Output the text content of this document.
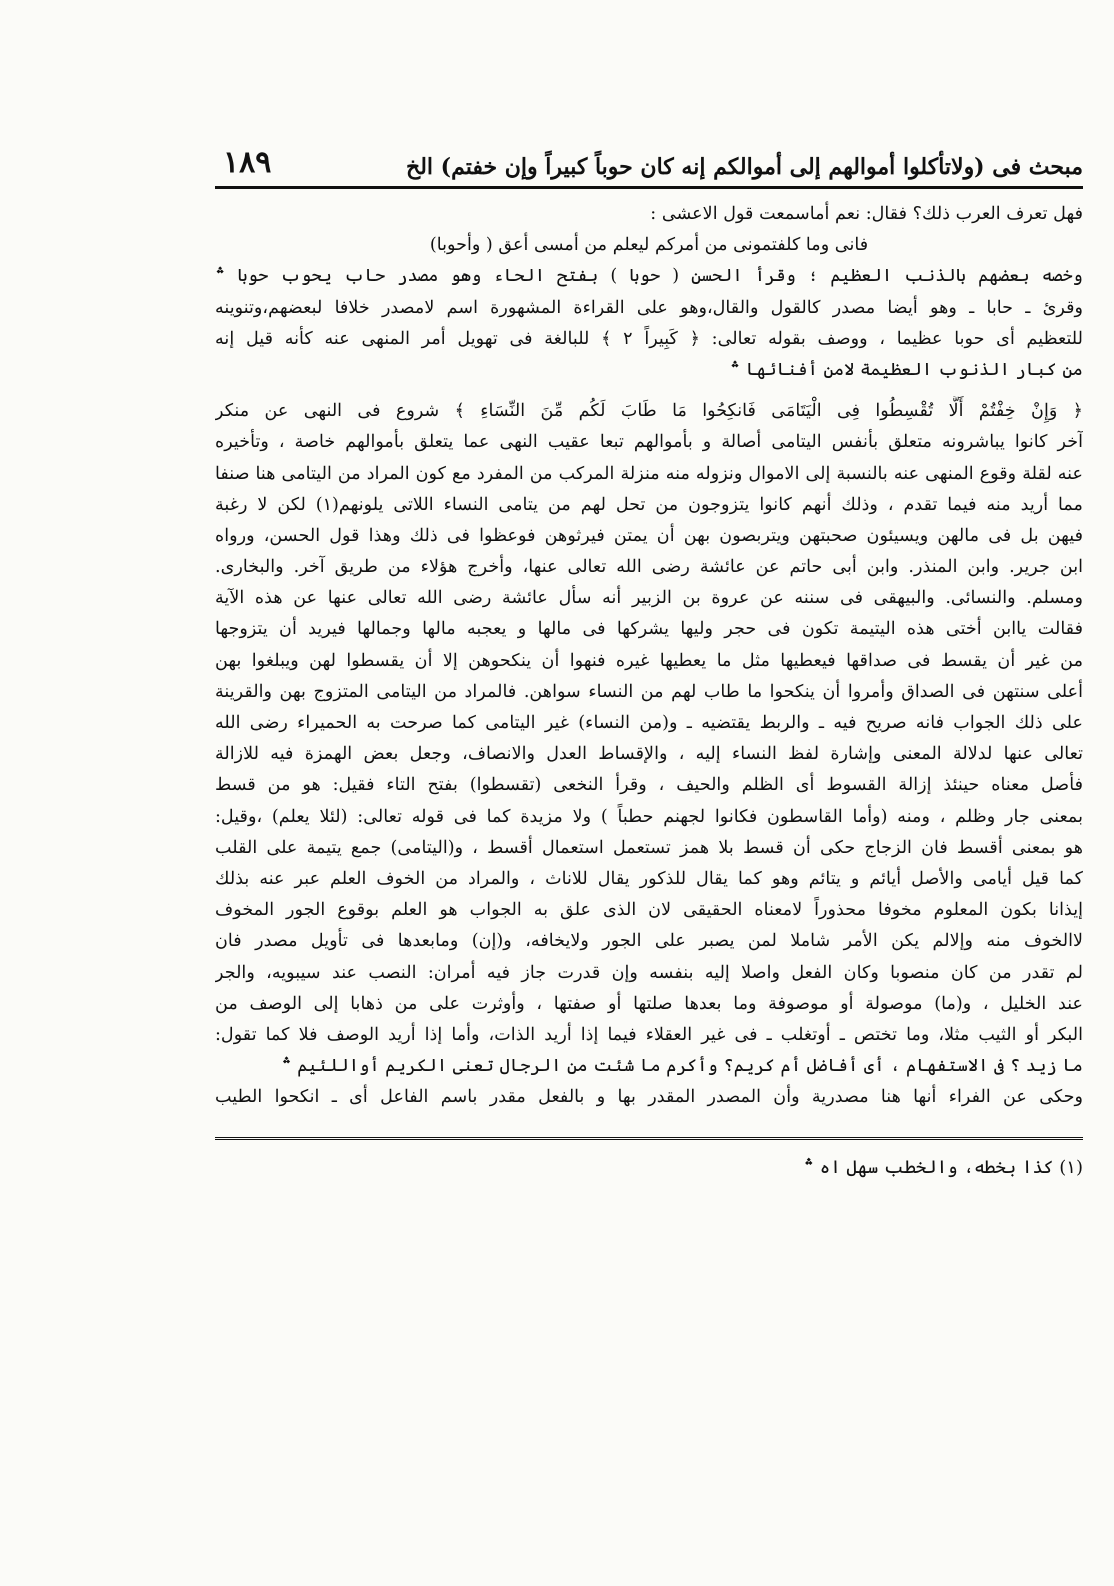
مبحث فى (ولاتأكلوا أموالهم إلى أموالكم إنه كان حوباً كبيراً وإن خفتم) الخ
١٨٩
فهل تعرف العرب ذلك؟ فقال: نعم أماسمعت قول الاعشى :
فانى وما كلفتمونى من أمركم ليعلم من أمسى أعق ( وأحوبا)
وخصه بعضهم بالذنب العظيم ؛ وقرأ الحسن ( حوبا ) بفتح الحاء وهو مصدر حاب يحوب حوبا ؞
وقرئ ـ حابا ـ وهو أيضا مصدر كالقول والقال،وهو على القراءة المشهورة اسم لامصدر خلافا لبعضهم،وتنوينه
للتعظيم أى حوبا عظيما ، ووصف بقوله تعالى: ﴿ كَبِيراً ٢ ﴾ للبالغة فى تهويل أمر المنهى عنه كأنه قيل إنه
من كبار الذنوب العظيمة لامن أفنائها ؞
﴿ وَإِنْ خِفْتُمْ أَلَّا تُقْسِطُوا فِى الْيَتَامَى فَانكِحُوا مَا طَابَ لَكُم مِّنَ النِّسَاءِ ﴾ شروع فى النهى عن منكر
آخر كانوا يباشرونه متعلق بأنفس اليتامى أصالة و بأموالهم تبعا عقيب النهى عما يتعلق بأموالهم خاصة ، وتأخيره
عنه لقلة وقوع المنهى عنه بالنسبة إلى الاموال ونزوله منه منزلة المركب من المفرد مع كون المراد من اليتامى هنا صنفا
مما أريد منه فيما تقدم ، وذلك أنهم كانوا يتزوجون من تحل لهم من يتامى النساء اللاتى يلونهم(١) لكن لا رغبة
فيهن بل فى مالهن ويسيئون صحبتهن ويتربصون بهن أن يمتن فيرثوهن فوعظوا فى ذلك وهذا قول الحسن، ورواه
ابن جرير. وابن المنذر. وابن أبى حاتم عن عائشة رضى الله تعالى عنها، وأخرج هؤلاء من طريق آخر. والبخارى.
ومسلم. والنسائى. والبيهقى فى سننه عن عروة بن الزبير أنه سأل عائشة رضى الله تعالى عنها عن هذه الآية
فقالت ياابن أختى هذه اليتيمة تكون فى حجر وليها يشركها فى مالها و يعجبه مالها وجمالها فيريد أن يتزوجها
من غير أن يقسط فى صداقها فيعطيها مثل ما يعطيها غيره فنهوا أن ينكحوهن إلا أن يقسطوا لهن ويبلغوا بهن
أعلى سنتهن فى الصداق وأمروا أن ينكحوا ما طاب لهم من النساء سواهن. فالمراد من اليتامى المتزوج بهن والقرينة
على ذلك الجواب فانه صريح فيه ـ والربط يقتضيه ـ و(من النساء) غير اليتامى كما صرحت به الحميراء رضى الله
تعالى عنها لدلالة المعنى وإشارة لفظ النساء إليه ، والإقساط العدل والانصاف، وجعل بعض الهمزة فيه للازالة
فأصل معناه حينئذ إزالة القسوط أى الظلم والحيف ، وقرأ النخعى (تقسطوا) بفتح التاء فقيل: هو من قسط
بمعنى جار وظلم ، ومنه (وأما القاسطون فكانوا لجهنم حطباً ) ولا مزيدة كما فى قوله تعالى: (لئلا يعلم) ،وقيل:
هو بمعنى أقسط فان الزجاج حكى أن قسط بلا همز تستعمل استعمال أقسط ، و(اليتامى) جمع يتيمة على القلب
كما قيل أيامى والأصل أيائم و يتائم وهو كما يقال للذكور يقال للاناث ، والمراد من الخوف العلم عبر عنه بذلك
إيذانا بكون المعلوم مخوفا محذوراً لامعناه الحقيقى لان الذى علق به الجواب هو العلم بوقوع الجور المخوف
لاالخوف منه وإلالم يكن الأمر شاملا لمن يصبر على الجور ولايخافه، و(إن) ومابعدها فى تأويل مصدر فان
لم تقدر من كان منصوبا وكان الفعل واصلا إليه بنفسه وإن قدرت جاز فيه أمران: النصب عند سيبويه، والجر
عند الخليل ، و(ما) موصولة أو موصوفة وما بعدها صلتها أو صفتها ، وأوثرت على من ذهابا إلى الوصف من
البكر أو الثيب مثلا، وما تختص ـ أوتغلب ـ فى غير العقلاء فيما إذا أريد الذات، وأما إذا أريد الوصف فلا كما تقول:
ما زيد ؟ فى الاستفهام ، أى أفاضل أم كريم؟ وأكرم ما شئت من الرجال تعنى الكريم أواللئيم ؞
وحكى عن الفراء أنها هنا مصدرية وأن المصدر المقدر بها و بالفعل مقدر باسم الفاعل أى ـ انكحوا الطيب
(١) كذا بخطه، والخطب سهل اه ؞
